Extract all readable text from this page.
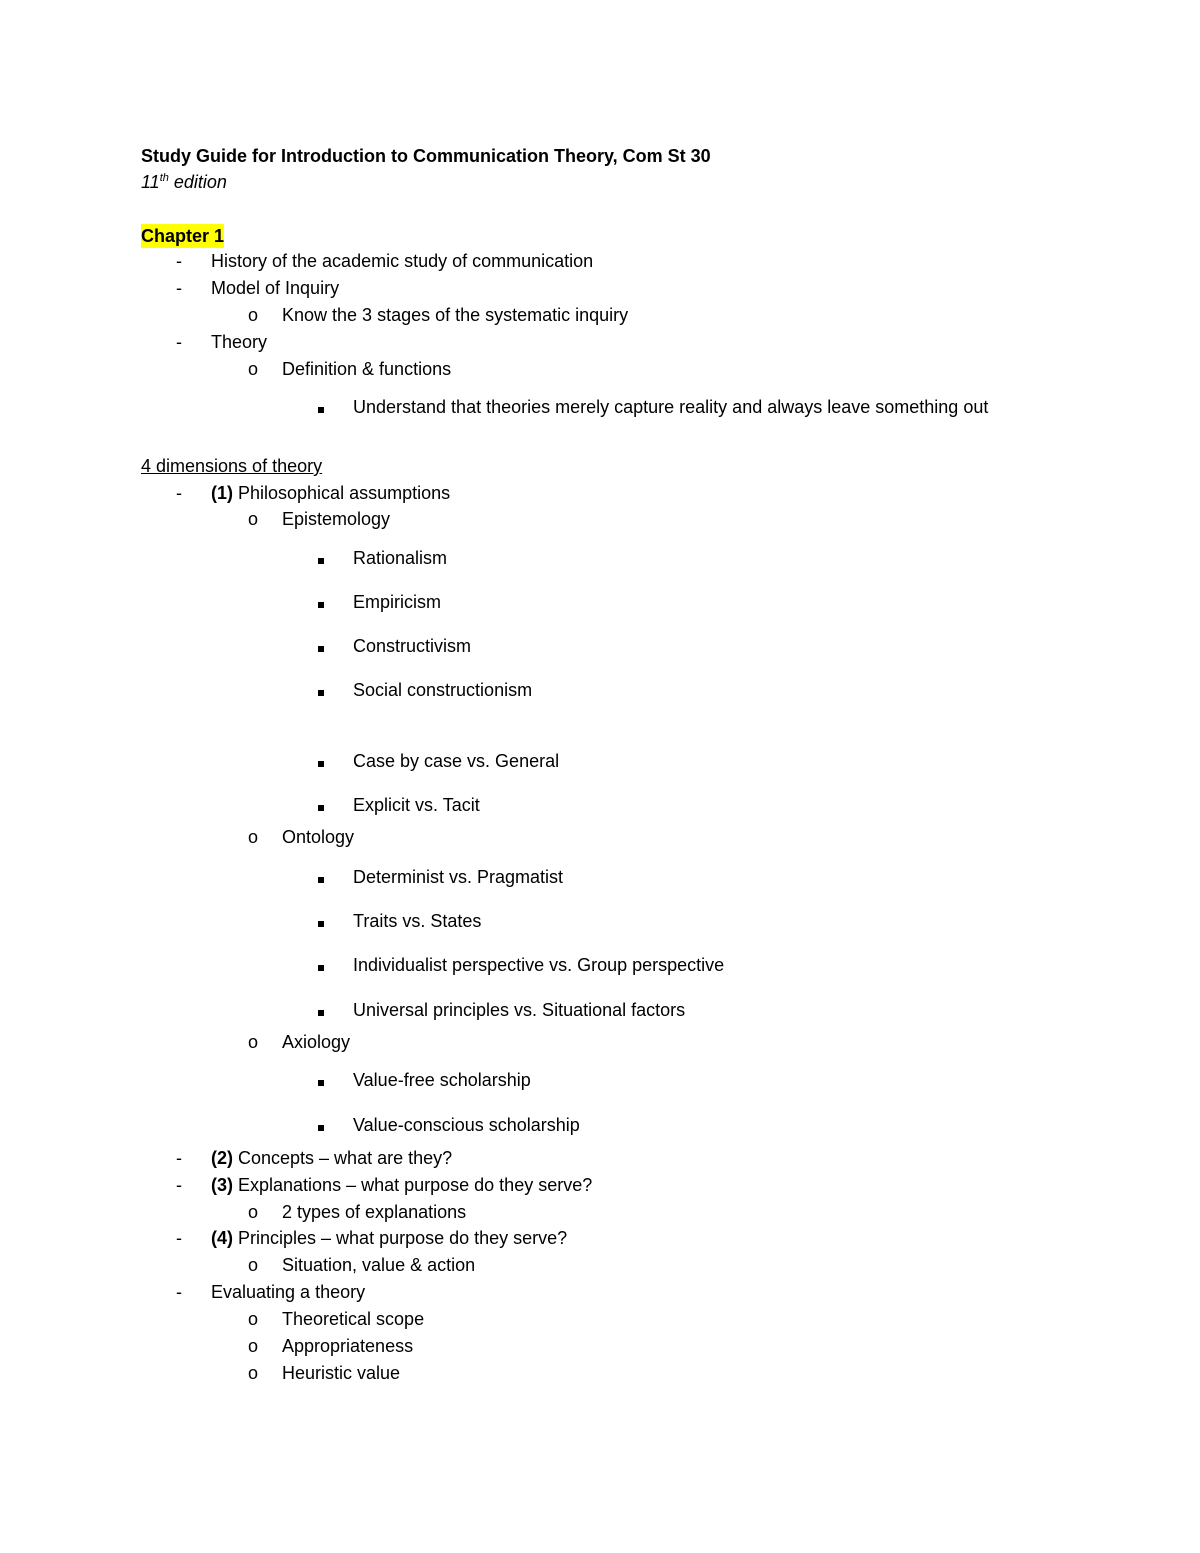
Study Guide for Introduction to Communication Theory, Com St 30
11th edition
Chapter 1
-	History of the academic study of communication
-	Model of Inquiry
o	Know the 3 stages of the systematic inquiry
-	Theory
o	Definition & functions
Understand that theories merely capture reality and always leave something out
4 dimensions of theory
-	(1) Philosophical assumptions
o	Epistemology
Rationalism
Empiricism
Constructivism
Social constructionism
Case by case vs. General
Explicit vs. Tacit
o	Ontology
Determinist vs. Pragmatist
Traits vs. States
Individualist perspective vs. Group perspective
Universal principles vs. Situational factors
o	Axiology
Value-free scholarship
Value-conscious scholarship
-	(2) Concepts – what are they?
-	(3) Explanations – what purpose do they serve?
o	2 types of explanations
-	(4) Principles – what purpose do they serve?
o	Situation, value & action
-	Evaluating a theory
o	Theoretical scope
o	Appropriateness
o	Heuristic value
